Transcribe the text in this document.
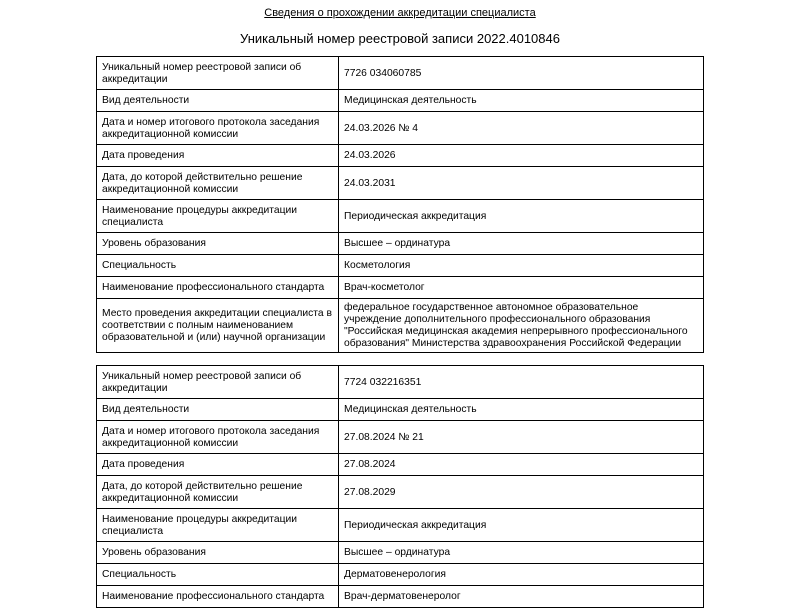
Сведения о прохождении аккредитации специалиста
Уникальный номер реестровой записи 2022.4010846
Уникальный номер реестровой записи об аккредитации	7726 034060785
Вид деятельности	Медицинская деятельность
Дата и номер итогового протокола заседания аккредитационной комиссии	24.03.2026 № 4
Дата проведения	24.03.2026
Дата, до которой действительно решение аккредитационной комиссии	24.03.2031
Наименование процедуры аккредитации специалиста	Периодическая аккредитация
Уровень образования	Высшее – ординатура
Специальность	Косметология
Наименование профессионального стандарта	Врач-косметолог
Место проведения аккредитации специалиста в соответствии с полным наименованием образовательной и (или) научной организации	федеральное государственное автономное образовательное учреждение дополнительного профессионального образования "Российская медицинская академия непрерывного профессионального образования" Министерства здравоохранения Российской Федерации
Уникальный номер реестровой записи об аккредитации	7724 032216351
Вид деятельности	Медицинская деятельность
Дата и номер итогового протокола заседания аккредитационной комиссии	27.08.2024 № 21
Дата проведения	27.08.2024
Дата, до которой действительно решение аккредитационной комиссии	27.08.2029
Наименование процедуры аккредитации специалиста	Периодическая аккредитация
Уровень образования	Высшее – ординатура
Специальность	Дерматовенерология
Наименование профессионального стандарта	Врач-дерматовенеролог
